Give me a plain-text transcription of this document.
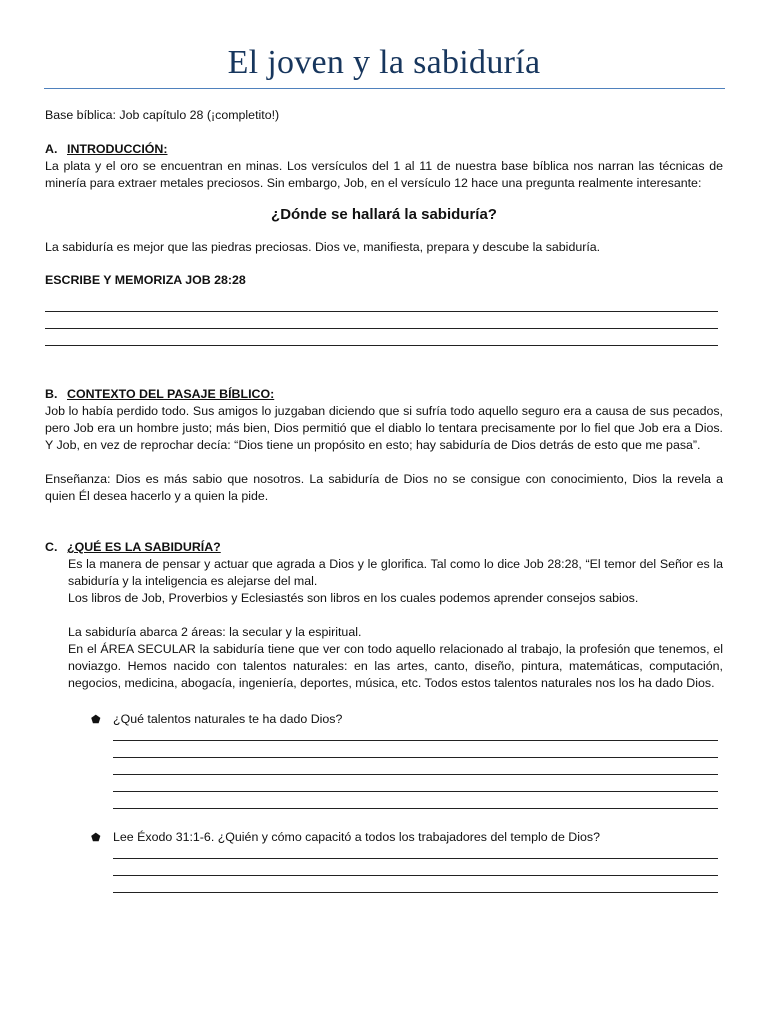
El joven y la sabiduría

Base bíblica: Job capítulo 28 (¡completito!)

A. INTRODUCCIÓN:

La plata y el oro se encuentran en minas. Los versículos del 1 al 11 de nuestra base bíblica nos narran las técnicas de minería para extraer metales preciosos. Sin embargo, Job, en el versículo 12 hace una pregunta realmente interesante:

¿Dónde se hallará la sabiduría?

La sabiduría es mejor que las piedras preciosas. Dios ve, manifiesta, prepara y descube la sabiduría.

ESCRIBE Y MEMORIZA JOB 28:28

B. CONTEXTO DEL PASAJE BÍBLICO:

Job lo había perdido todo. Sus amigos lo juzgaban diciendo que si sufría todo aquello seguro era a causa de sus pecados, pero Job era un hombre justo; más bien, Dios permitió que el diablo lo tentara precisamente por lo fiel que Job era a Dios. Y Job, en vez de reprochar decía: “Dios tiene un propósito en esto; hay sabiduría de Dios detrás de esto que me pasa”.

Enseñanza: Dios es más sabio que nosotros. La sabiduría de Dios no se consigue con conocimiento, Dios la revela a quien Él desea hacerlo y a quien la pide.

C. ¿QUÉ ES LA SABIDURÍA?

Es la manera de pensar y actuar que agrada a Dios y le glorifica. Tal como lo dice Job 28:28, “El temor del Señor es la sabiduría y la inteligencia es alejarse del mal.

Los libros de Job, Proverbios y Eclesiastés son libros en los cuales podemos aprender consejos sabios.

La sabiduría abarca 2 áreas: la secular y la espiritual.

En el ÁREA SECULAR la sabiduría tiene que ver con todo aquello relacionado al trabajo, la profesión que tenemos, el noviazgo. Hemos nacido con talentos naturales: en las artes, canto, diseño, pintura, matemáticas, computación, negocios, medicina, abogacía, ingeniería, deportes, música, etc. Todos estos talentos naturales nos los ha dado Dios.

⬟ ¿Qué talentos naturales te ha dado Dios?

⬟ Lee Éxodo 31:1-6. ¿Quién y cómo capacitó a todos los trabajadores del templo de Dios?
